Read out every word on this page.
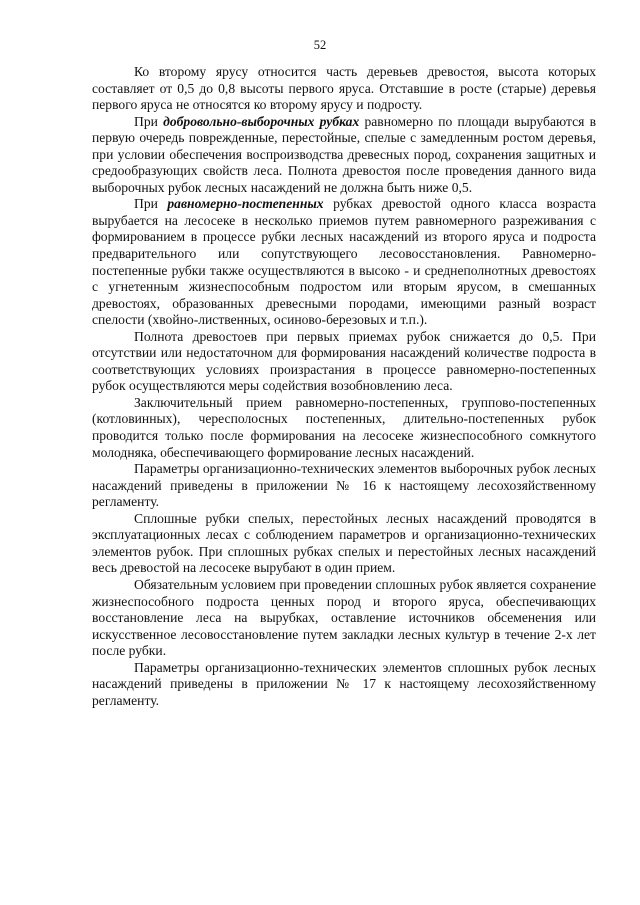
52

Ко второму ярусу относится часть деревьев древостоя, высота которых составляет от 0,5 до 0,8 высоты первого яруса. Отставшие в росте (старые) деревья первого яруса не относятся ко второму ярусу и подросту.

При добровольно-выборочных рубках равномерно по площади вырубаются в первую очередь поврежденные, перестойные, спелые с замедленным ростом деревья, при условии обеспечения воспроизводства древесных пород, сохранения защитных и средообразующих свойств леса. Полнота древостоя после проведения данного вида выборочных рубок лесных насаждений не должна быть ниже 0,5.

При равномерно-постепенных рубках древостой одного класса возраста вырубается на лесосеке в несколько приемов путем равномерного разреживания с формированием в процессе рубки лесных насаждений из второго яруса и подроста предварительного или сопутствующего лесовосстановления. Равномерно-постепенные рубки также осуществляются в высоко - и среднеполнотных древостоях с угнетенным жизнеспособным подростом или вторым ярусом, в смешанных древостоях, образованных древесными породами, имеющими разный возраст спелости (хвойно-лиственных, осиново-березовых и т.п.).

Полнота древостоев при первых приемах рубок снижается до 0,5. При отсутствии или недостаточном для формирования насаждений количестве подроста в соответствующих условиях произрастания в процессе равномерно-постепенных рубок осуществляются меры содействия возобновлению леса.

Заключительный прием равномерно-постепенных, группово-постепенных (котловинных), чересполосных постепенных, длительно-постепенных рубок проводится только после формирования на лесосеке жизнеспособного сомкнутого молодняка, обеспечивающего формирование лесных насаждений.

Параметры организационно-технических элементов выборочных рубок лесных насаждений приведены в приложении № 16 к настоящему лесохозяйственному регламенту.

Сплошные рубки спелых, перестойных лесных насаждений проводятся в эксплуатационных лесах с соблюдением параметров и организационно-технических элементов рубок. При сплошных рубках спелых и перестойных лесных насаждений весь древостой на лесосеке вырубают в один прием.

Обязательным условием при проведении сплошных рубок является сохранение жизнеспособного подроста ценных пород и второго яруса, обеспечивающих восстановление леса на вырубках, оставление источников обсеменения или искусственное лесовосстановление путем закладки лесных культур в течение 2-х лет после рубки.

Параметры организационно-технических элементов сплошных рубок лесных насаждений приведены в приложении № 17 к настоящему лесохозяйственному регламенту.
